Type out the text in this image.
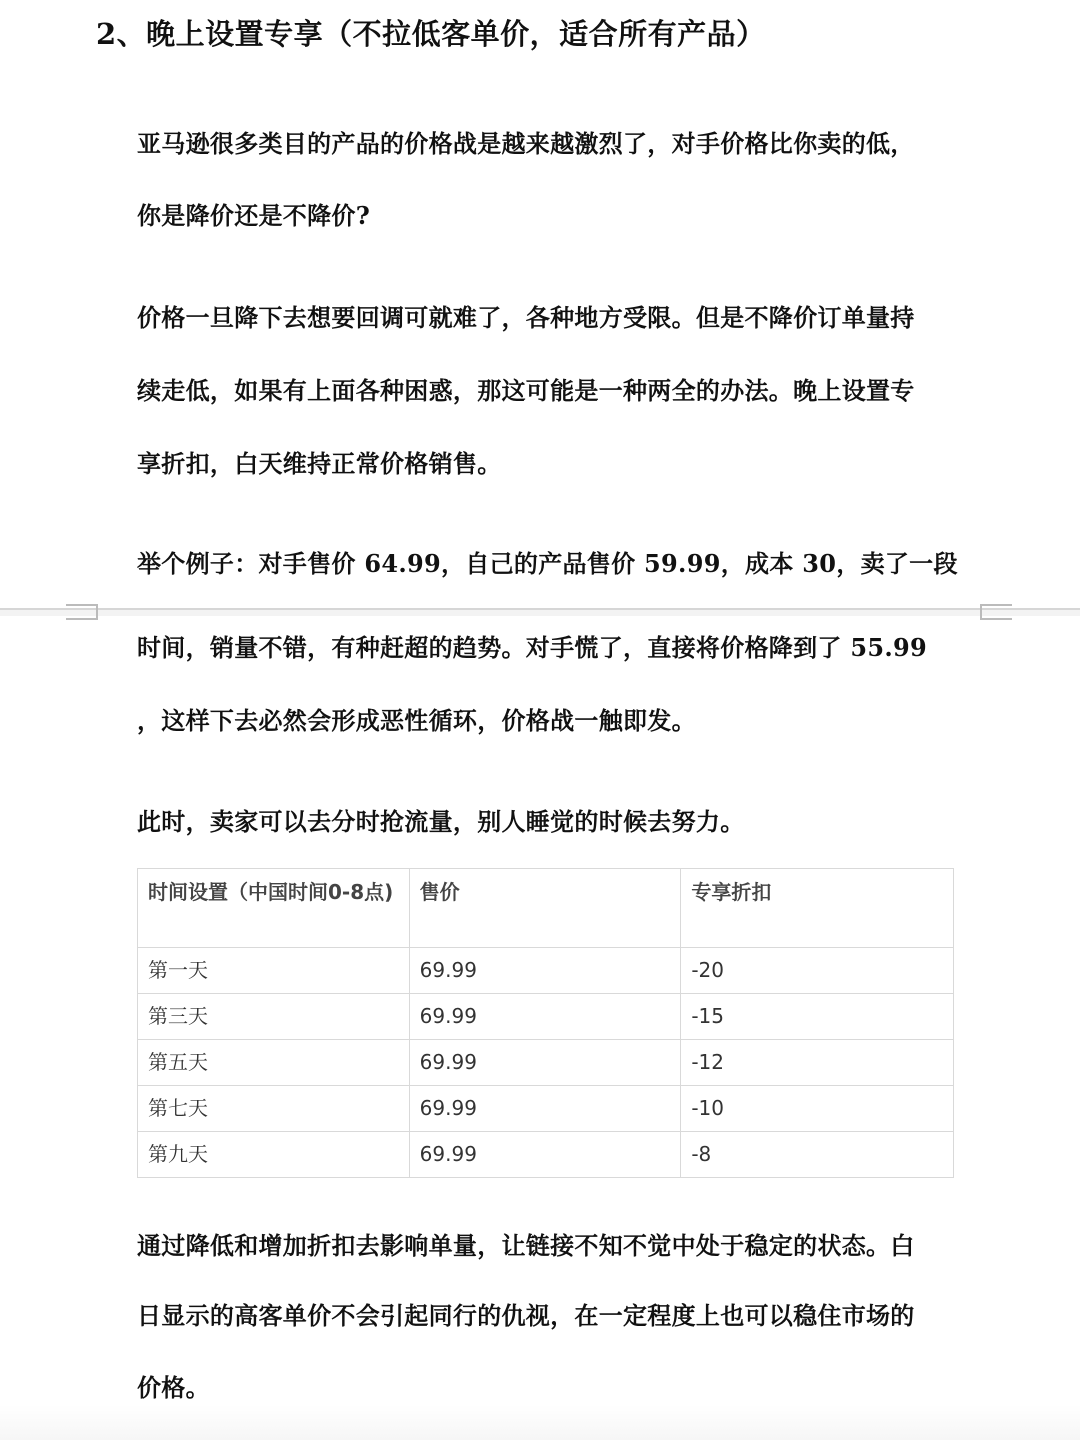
2、晚上设置专享（不拉低客单价，适合所有产品）
亚马逊很多类目的产品的价格战是越来越激烈了，对手价格比你卖的低，
你是降价还是不降价?
价格一旦降下去想要回调可就难了，各种地方受限。但是不降价订单量持
续走低，如果有上面各种困惑，那这可能是一种两全的办法。晚上设置专
享折扣，白天维持正常价格销售。
举个例子：对手售价 64.99，自己的产品售价 59.99，成本 30，卖了一段
时间，销量不错，有种赶超的趋势。对手慌了，直接将价格降到了 55.99
，这样下去必然会形成恶性循环，价格战一触即发。
此时，卖家可以去分时抢流量，别人睡觉的时候去努力。
时间设置（中国时间0-8点)	售价	专享折扣
第一天	69.99	-20
第三天	69.99	-15
第五天	69.99	-12
第七天	69.99	-10
第九天	69.99	-8
通过降低和增加折扣去影响单量，让链接不知不觉中处于稳定的状态。白
日显示的高客单价不会引起同行的仇视，在一定程度上也可以稳住市场的
价格。
